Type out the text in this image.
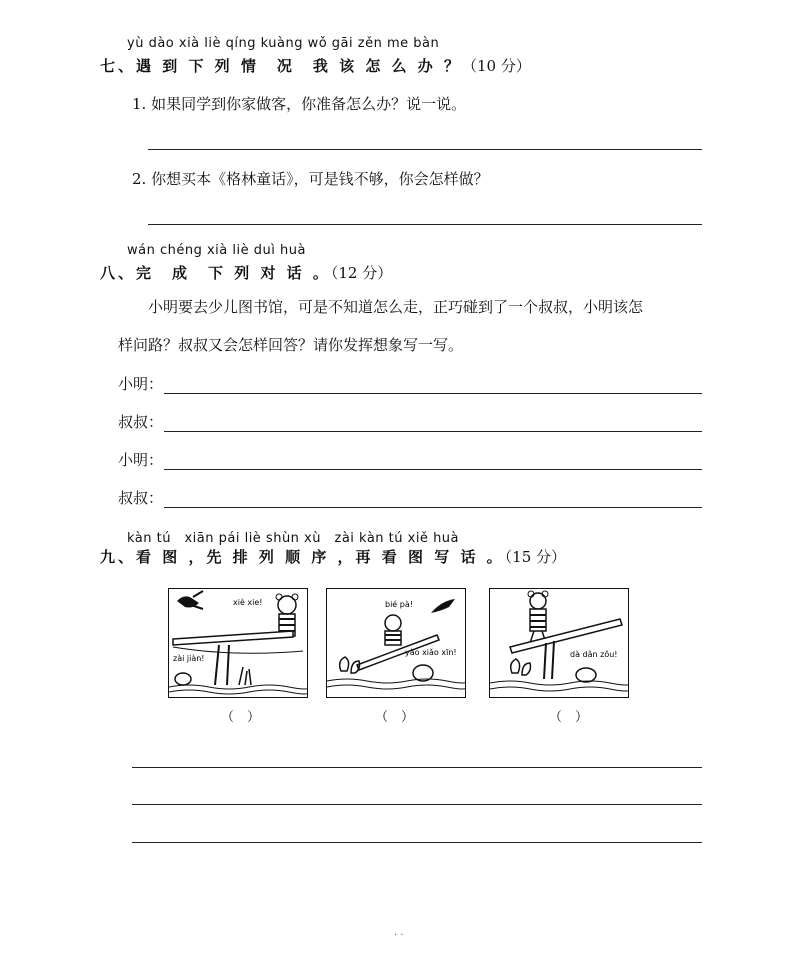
yù dào xià liè qíng kuàng wǒ gāi zěn me bàn
七、遇 到 下 列 情　况　我 该 怎 么 办 ？（10 分）
1. 如果同学到你家做客，你准备怎么办？说一说。
2. 你想买本《格林童话》，可是钱不够，你会怎样做？
wán chéng xià liè duì huà
八、完　成　下 列 对 话 。（12 分）
小明要去少儿图书馆，可是不知道怎么走，正巧碰到了一个叔叔，小明该怎
样问路？叔叔又会怎样回答？请你发挥想象写一写。
小明：
叔叔：
小明：
叔叔：
kàn tú　xiān pái liè shùn xù　zài kàn tú xiě huà
九、看 图 ，先 排 列 顺 序 ，再 看 图 写 话 。（15 分）
xiè xie!
zài jiàn!
（　）
bié pà!
yào xiǎo xīn!
（　）
dà dǎn zǒu!
（　）
· ·
